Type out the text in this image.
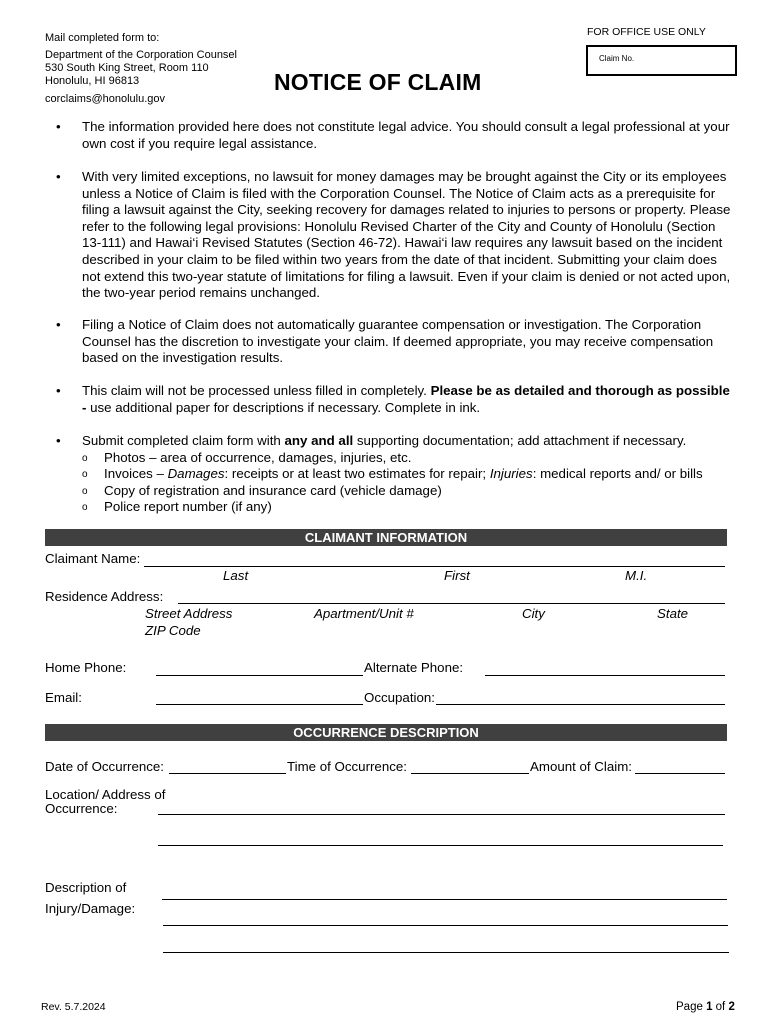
Mail completed form to:
Department of the Corporation Counsel
530 South King Street, Room 110
Honolulu, HI 96813
corclaims@honolulu.gov
FOR OFFICE USE ONLY
Claim No.
NOTICE OF CLAIM
•	The information provided here does not constitute legal advice. You should consult a legal professional at your own cost if you require legal assistance.
•	With very limited exceptions, no lawsuit for money damages may be brought against the City or its employees unless a Notice of Claim is filed with the Corporation Counsel. The Notice of Claim acts as a prerequisite for filing a lawsuit against the City, seeking recovery for damages related to injuries to persons or property. Please refer to the following legal provisions: Honolulu Revised Charter of the City and County of Honolulu (Section 13-111) and Hawai‘i Revised Statutes (Section 46-72). Hawai‘i law requires any lawsuit based on the incident described in your claim to be filed within two years from the date of that incident. Submitting your claim does not extend this two-year statute of limitations for filing a lawsuit. Even if your claim is denied or not acted upon, the two-year period remains unchanged.
•	Filing a Notice of Claim does not automatically guarantee compensation or investigation. The Corporation Counsel has the discretion to investigate your claim. If deemed appropriate, you may receive compensation based on the investigation results.
•	This claim will not be processed unless filled in completely. Please be as detailed and thorough as possible - use additional paper for descriptions if necessary. Complete in ink.
•	Submit completed claim form with any and all supporting documentation; add attachment if necessary.
o Photos – area of occurrence, damages, injuries, etc.
o Invoices – Damages: receipts or at least two estimates for repair; Injuries: medical reports and/ or bills
o Copy of registration and insurance card (vehicle damage)
o Police report number (if any)
CLAIMANT INFORMATION
Claimant Name:
Last	First	M.I.
Residence Address:
Street Address	Apartment/Unit #	City	State
ZIP Code
Home Phone:	Alternate Phone:
Email:	Occupation:
OCCURRENCE DESCRIPTION
Date of Occurrence:	Time of Occurrence:	Amount of Claim:
Location/ Address of
Occurrence:
Description of
Injury/Damage:
Rev. 5.7.2024	Page 1 of 2
